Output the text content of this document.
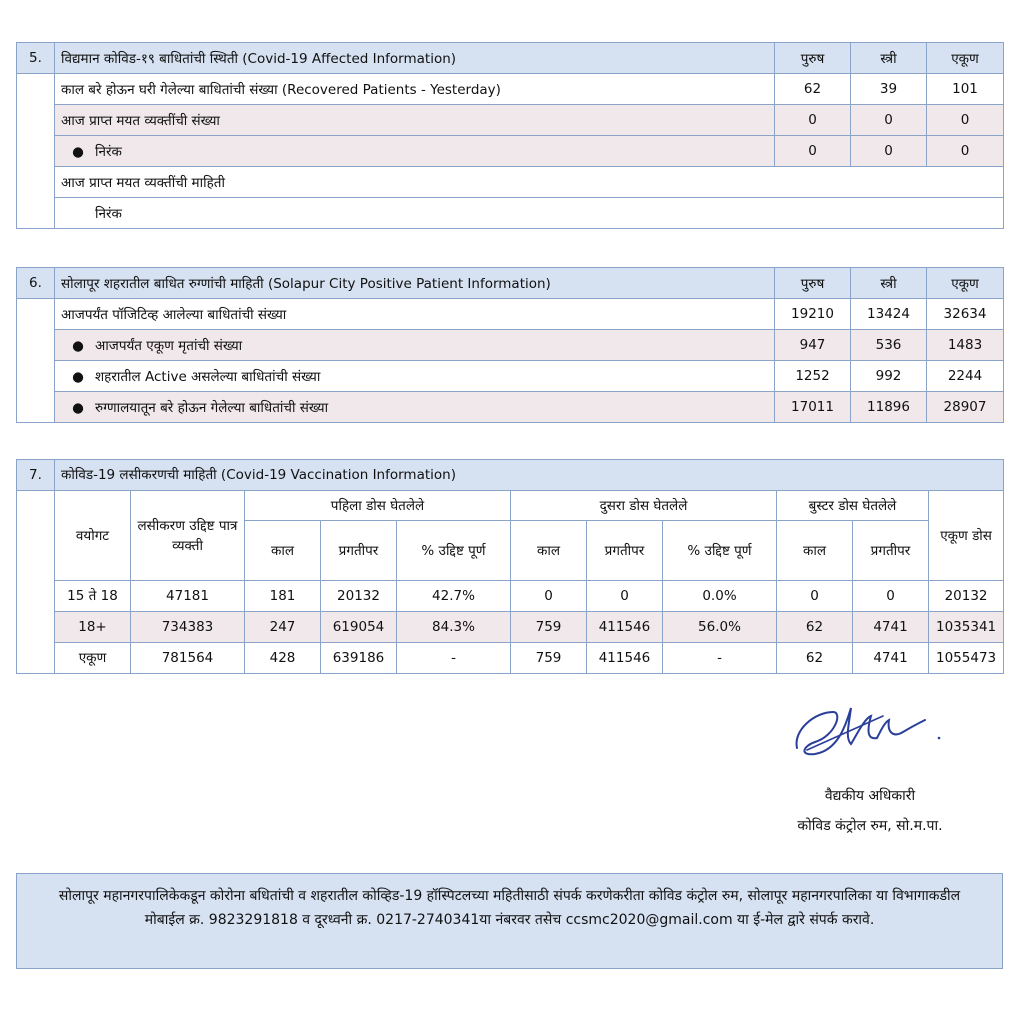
5.	विद्यमान कोविड-१९ बाधितांची स्थिती (Covid-19 Affected Information)	पुरुष	स्त्री	एकूण
	काल बरे होऊन घरी गेलेल्या बाधितांची संख्या (Recovered Patients - Yesterday)	62	39	101
	आज प्राप्त मयत व्यक्तींची संख्या	0	0	0
	● निरंक	0	0	0
	आज प्राप्त मयत व्यक्तींची माहिती			
	निरंक			
6.	सोलापूर शहरातील बाधित रुग्णांची माहिती (Solapur City Positive Patient Information)	पुरुष	स्त्री	एकूण
	आजपर्यंत पॉजिटिव्ह आलेल्या बाधितांची संख्या	19210	13424	32634
	● आजपर्यंत एकूण मृतांची संख्या	947	536	1483
	● शहरातील Active असलेल्या बाधितांची संख्या	1252	992	2244
	● रुग्णालयातून बरे होऊन गेलेल्या बाधितांची संख्या	17011	11896	28907
7.	कोविड-19 लसीकरणची माहिती (Covid-19 Vaccination Information)										
	वयोगट	लसीकरण उद्दिष्ट पात्र व्यक्ती	पहिला डोस घेतलेले			दुसरा डोस घेतलेले			बुस्टर डोस घेतलेले		एकूण डोस
			काल	प्रगतीपर	% उद्दिष्ट पूर्ण	काल	प्रगतीपर	% उद्दिष्ट पूर्ण	काल	प्रगतीपर	
	15 ते 18	47181	181	20132	42.7%	0	0	0.0%	0	0	20132
	18+	734383	247	619054	84.3%	759	411546	56.0%	62	4741	1035341
	एकूण	781564	428	639186	-	759	411546	-	62	4741	1055473
वैद्यकीय अधिकारी
कोविड कंट्रोल रुम, सो.म.पा.
सोलापूर महानगरपालिकेकडून कोरोना बधितांची व शहरातील कोव्हिड-19 हॉस्पिटलच्या महितीसाठी संपर्क करणेकरीता कोविड कंट्रोल रुम, सोलापूर महानगरपालिका या विभागाकडील मोबाईल क्र. 9823291818 व दूरध्वनी क्र. 0217-2740341या नंबरवर तसेच ccsmc2020@gmail.com या ई-मेल द्वारे संपर्क करावे.
